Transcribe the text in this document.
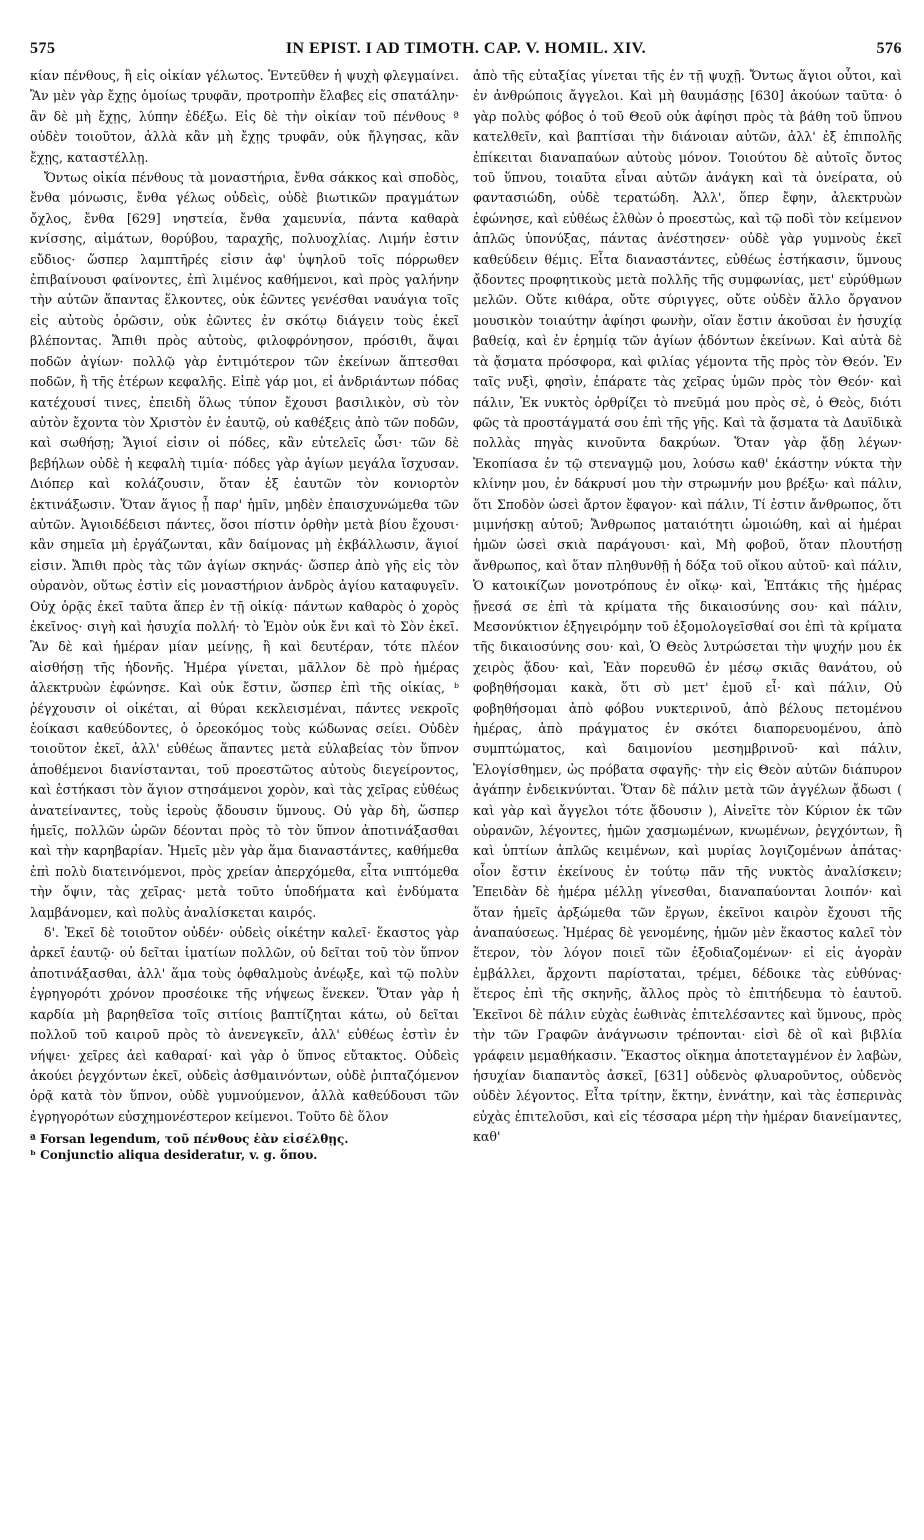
575	IN EPIST. I AD TIMOTH. CAP. V. HOMIL. XIV.	576

κίαν πένθους, ἢ εἰς οἰκίαν γέλωτος. Ἐντεῦθεν ἡ ψυχὴ φλεγμαίνει. Ἂν μὲν γὰρ ἔχῃς ὁμοίως τρυφᾶν, προτροπὴν ἔλαβες εἰς σπατάλην· ἂν δὲ μὴ ἔχῃς, λύπην ἐδέξω. Εἰς δὲ τὴν οἰκίαν τοῦ πένθους ª οὐδὲν τοιοῦτον, ἀλλὰ κἂν μὴ ἔχῃς τρυφᾶν, οὐκ ἤλγησας, κἂν ἔχῃς, καταστέλλῃ.

Ὄντως οἰκία πένθους τὰ μοναστήρια, ἔνθα σάκκος καὶ σποδὸς, ἔνθα μόνωσις, ἔνθα γέλως οὐδεὶς, οὐδὲ βιωτικῶν πραγμάτων ὄχλος, ἔνθα [629] νηστεία, ἔνθα χαμευνία, πάντα καθαρὰ κνίσσης, αἱμάτων, θορύβου, ταραχῆς, πολυοχλίας. Λιμήν ἐστιν εὔδιος· ὥσπερ λαμπτῆρές εἰσιν ἀφ' ὑψηλοῦ τοῖς πόρρωθεν ἐπιβαίνουσι φαίνοντες, ἐπὶ λιμένος καθήμενοι, καὶ πρὸς γαλήνην τὴν αὐτῶν ἅπαντας ἕλκοντες, οὐκ ἐῶντες γενέσθαι ναυάγια τοῖς εἰς αὐτοὺς ὁρῶσιν, οὐκ ἐῶντες ἐν σκότῳ διάγειν τοὺς ἐκεῖ βλέποντας. Ἄπιθι πρὸς αὐτοὺς, φιλοφρόνησον, πρόσιθι, ἅψαι ποδῶν ἁγίων· πολλῷ γὰρ ἐντιμότερον τῶν ἐκείνων ἅπτεσθαι ποδῶν, ἢ τῆς ἑτέρων κεφαλῆς. Εἰπὲ γάρ μοι, εἰ ἀνδριάντων πόδας κατέχουσί τινες, ἐπειδὴ ὅλως τύπον ἔχουσι βασιλικὸν, σὺ τὸν αὐτὸν ἔχοντα τὸν Χριστὸν ἐν ἑαυτῷ, οὐ καθέξεις ἀπὸ τῶν ποδῶν, καὶ σωθήσῃ; Ἅγιοί εἰσιν οἱ πόδες, κἂν εὐτελεῖς ὦσι· τῶν δὲ βεβήλων οὐδὲ ἡ κεφαλὴ τιμία· πόδες γὰρ ἁγίων μεγάλα ἴσχυσαν. Διόπερ καὶ κολάζουσιν, ὅταν ἐξ ἑαυτῶν τὸν κονιορτὸν ἐκτινάξωσιν. Ὅταν ἅγιος ᾖ παρ' ἡμῖν, μηδὲν ἐπαισχυνώμεθα τῶν αὐτῶν. Ἁγιοιδέδεισι πάντες, ὅσοι πίστιν ὀρθὴν μετὰ βίου ἔχουσι· κἂν σημεῖα μὴ ἐργάζωνται, κἂν δαίμονας μὴ ἐκβάλλωσιν, ἅγιοί εἰσιν. Ἄπιθι πρὸς τὰς τῶν ἁγίων σκηνάς· ὥσπερ ἀπὸ γῆς εἰς τὸν οὐρανὸν, οὕτως ἐστὶν εἰς μοναστήριον ἀνδρὸς ἁγίου καταφυγεῖν. Οὐχ ὁρᾷς ἐκεῖ ταῦτα ἅπερ ἐν τῇ οἰκίᾳ· πάντων καθαρὸς ὁ χορὸς ἐκεῖνος· σιγὴ καὶ ἡσυχία πολλή· τὸ Ἐμὸν οὐκ ἔνι καὶ τὸ Σὸν ἐκεῖ. Ἂν δὲ καὶ ἡμέραν μίαν μείνῃς, ἢ καὶ δευτέραν, τότε πλέον αἰσθήσῃ τῆς ἡδονῆς. Ἡμέρα γίνεται, μᾶλλον δὲ πρὸ ἡμέρας ἀλεκτρυὼν ἐφώνησε. Καὶ οὐκ ἔστιν, ὥσπερ ἐπὶ τῆς οἰκίας, ᵇ ῥέγχουσιν οἱ οἰκέται, αἱ θύραι κεκλεισμέναι, πάντες νεκροῖς ἐοίκασι καθεύδοντες, ὁ ὀρεοκόμος τοὺς κώδωνας σείει. Οὐδὲν τοιοῦτον ἐκεῖ, ἀλλ' εὐθέως ἅπαντες μετὰ εὐλαβείας τὸν ὕπνον ἀποθέμενοι διανίστανται, τοῦ προεστῶτος αὐτοὺς διεγείροντος, καὶ ἑστήκασι τὸν ἅγιον στησάμενοι χορὸν, καὶ τὰς χεῖρας εὐθέως ἀνατείναντες, τοὺς ἱεροὺς ᾄδουσιν ὕμνους. Οὐ γὰρ δὴ, ὥσπερ ἡμεῖς, πολλῶν ὡρῶν δέονται πρὸς τὸ τὸν ὕπνον ἀποτινάξασθαι καὶ τὴν καρηβαρίαν. Ἡμεῖς μὲν γὰρ ἅμα διαναστάντες, καθήμεθα ἐπὶ πολὺ διατεινόμενοι, πρὸς χρείαν ἀπερχόμεθα, εἶτα νιπτόμεθα τὴν ὄψιν, τὰς χεῖρας· μετὰ τοῦτο ὑποδήματα καὶ ἐνδύματα λαμβάνομεν, καὶ πολὺς ἀναλίσκεται καιρός.

δ'. Ἐκεῖ δὲ τοιοῦτον οὐδέν· οὐδεὶς οἰκέτην καλεῖ· ἕκαστος γὰρ ἀρκεῖ ἑαυτῷ· οὐ δεῖται ἱματίων πολλῶν, οὐ δεῖται τοῦ τὸν ὕπνον ἀποτινάξασθαι, ἀλλ' ἅμα τοὺς ὀφθαλμοὺς ἀνέῳξε, καὶ τῷ πολὺν ἐγρηγορότι χρόνον προσέοικε τῆς νήψεως ἕνεκεν. Ὅταν γὰρ ἡ καρδία μὴ βαρηθεῖσα τοῖς σιτίοις βαπτίζηται κάτω, οὐ δεῖται πολλοῦ τοῦ καιροῦ πρὸς τὸ ἀνενεγκεῖν, ἀλλ' εὐθέως ἐστὶν ἐν νήψει· χεῖρες ἀεὶ καθαραί· καὶ γὰρ ὁ ὕπνος εὔτακτος. Οὐδεὶς ἀκούει ῥεγχόντων ἐκεῖ, οὐδεὶς ἀσθμαινόντων, οὐδὲ ῥιπταζόμενον ὁρᾷ κατὰ τὸν ὕπνον, οὐδὲ γυμνούμενον, ἀλλὰ καθεύδουσι τῶν ἐγρηγορότων εὐσχημονέστερον κείμενοι. Τοῦτο δὲ ὅλον

ª Forsan legendum, τοῦ πένθους ἐὰν εἰσέλθῃς.
ᵇ Conjunctio aliqua desideratur, v. g. ὅπου.

ἀπὸ τῆς εὐταξίας γίνεται τῆς ἐν τῇ ψυχῇ. Ὄντως ἅγιοι οὗτοι, καὶ ἐν ἀνθρώποις ἄγγελοι. Καὶ μὴ θαυμάσῃς [630] ἀκούων ταῦτα· ὁ γὰρ πολὺς φόβος ὁ τοῦ Θεοῦ οὐκ ἀφίησι πρὸς τὰ βάθη τοῦ ὕπνου κατελθεῖν, καὶ βαπτίσαι τὴν διάνοιαν αὐτῶν, ἀλλ' ἐξ ἐπιπολῆς ἐπίκειται διαναπαύων αὐτοὺς μόνον. Τοιούτου δὲ αὐτοῖς ὄντος τοῦ ὕπνου, τοιαῦτα εἶναι αὐτῶν ἀνάγκη καὶ τὰ ὀνείρατα, οὐ φαντασιώδη, οὐδὲ τερατώδη. Ἀλλ', ὅπερ ἔφην, ἀλεκτρυὼν ἐφώνησε, καὶ εὐθέως ἐλθὼν ὁ προεστὼς, καὶ τῷ ποδὶ τὸν κείμενον ἁπλῶς ὑπονύξας, πάντας ἀνέστησεν· οὐδὲ γὰρ γυμνοὺς ἐκεῖ καθεύδειν θέμις. Εἶτα διαναστάντες, εὐθέως ἑστήκασιν, ὕμνους ᾄδοντες προφητικοὺς μετὰ πολλῆς τῆς συμφωνίας, μετ' εὐρύθμων μελῶν. Οὔτε κιθάρα, οὔτε σύριγγες, οὔτε οὐδὲν ἄλλο ὄργανον μουσικὸν τοιαύτην ἀφίησι φωνὴν, οἵαν ἔστιν ἀκοῦσαι ἐν ἡσυχίᾳ βαθείᾳ, καὶ ἐν ἐρημίᾳ τῶν ἁγίων ᾀδόντων ἐκείνων. Καὶ αὐτὰ δὲ τὰ ᾄσματα πρόσφορα, καὶ φιλίας γέμοντα τῆς πρὸς τὸν Θεόν. Ἐν ταῖς νυξὶ, φησὶν, ἐπάρατε τὰς χεῖρας ὑμῶν πρὸς τὸν Θεόν· καὶ πάλιν, Ἐκ νυκτὸς ὀρθρίζει τὸ πνεῦμά μου πρὸς σὲ, ὁ Θεὸς, διότι φῶς τὰ προστάγματά σου ἐπὶ τῆς γῆς. Καὶ τὰ ᾄσματα τὰ Δαυϊδικὰ πολλὰς πηγὰς κινοῦντα δακρύων. Ὅταν γὰρ ᾄδῃ λέγων· Ἐκοπίασα ἐν τῷ στεναγμῷ μου, λούσω καθ' ἑκάστην νύκτα τὴν κλίνην μου, ἐν δάκρυσί μου τὴν στρωμνήν μου βρέξω· καὶ πάλιν, ὅτι Σποδὸν ὡσεὶ ἄρτον ἔφαγον· καὶ πάλιν, Τί ἐστιν ἄνθρωπος, ὅτι μιμνήσκῃ αὐτοῦ; Ἄνθρωπος ματαιότητι ὡμοιώθη, καὶ αἱ ἡμέραι ἡμῶν ὡσεὶ σκιὰ παράγουσι· καὶ, Μὴ φοβοῦ, ὅταν πλουτήσῃ ἄνθρωπος, καὶ ὅταν πληθυνθῇ ἡ δόξα τοῦ οἴκου αὐτοῦ· καὶ πάλιν, Ὁ κατοικίζων μονοτρόπους ἐν οἴκῳ· καὶ, Ἑπτάκις τῆς ἡμέρας ᾔνεσά σε ἐπὶ τὰ κρίματα τῆς δικαιοσύνης σου· καὶ πάλιν, Μεσονύκτιον ἐξηγειρόμην τοῦ ἐξομολογεῖσθαί σοι ἐπὶ τὰ κρίματα τῆς δικαιοσύνης σου· καὶ, Ὁ Θεὸς λυτρώσεται τὴν ψυχήν μου ἐκ χειρὸς ᾅδου· καὶ, Ἐὰν πορευθῶ ἐν μέσῳ σκιᾶς θανάτου, οὐ φοβηθήσομαι κακὰ, ὅτι σὺ μετ' ἐμοῦ εἶ· καὶ πάλιν, Οὐ φοβηθήσομαι ἀπὸ φόβου νυκτερινοῦ, ἀπὸ βέλους πετομένου ἡμέρας, ἀπὸ πράγματος ἐν σκότει διαπορευομένου, ἀπὸ συμπτώματος, καὶ δαιμονίου μεσημβρινοῦ· καὶ πάλιν, Ἐλογίσθημεν, ὡς πρόβατα σφαγῆς· τὴν εἰς Θεὸν αὐτῶν διάπυρον ἀγάπην ἐνδεικνύνται. Ὅταν δὲ πάλιν μετὰ τῶν ἀγγέλων ᾄδωσι ( καὶ γὰρ καὶ ἄγγελοι τότε ᾄδουσιν ), Αἰνεῖτε τὸν Κύριον ἐκ τῶν οὐρανῶν, λέγοντες, ἡμῶν χασμωμένων, κνωμένων, ῥεγχόντων, ἢ καὶ ὑπτίων ἁπλῶς κειμένων, καὶ μυρίας λογιζομένων ἀπάτας· οἷον ἔστιν ἐκείνους ἐν τούτῳ πᾶν τῆς νυκτὸς ἀναλίσκειν; Ἐπειδὰν δὲ ἡμέρα μέλλῃ γίνεσθαι, διαναπαύονται λοιπόν· καὶ ὅταν ἡμεῖς ἀρξώμεθα τῶν ἔργων, ἐκεῖνοι καιρὸν ἔχουσι τῆς ἀναπαύσεως. Ἡμέρας δὲ γενομένης, ἡμῶν μὲν ἕκαστος καλεῖ τὸν ἕτερον, τὸν λόγον ποιεῖ τῶν ἐξοδιαζομένων· εἰ εἰς ἀγορὰν ἐμβάλλει, ἄρχοντι παρίσταται, τρέμει, δέδοικε τὰς εὐθύνας· ἕτερος ἐπὶ τῆς σκηνῆς, ἄλλος πρὸς τὸ ἐπιτήδευμα τὸ ἑαυτοῦ. Ἐκεῖνοι δὲ πάλιν εὐχὰς ἑωθινὰς ἐπιτελέσαντες καὶ ὕμνους, πρὸς τὴν τῶν Γραφῶν ἀνάγνωσιν τρέπονται· εἰσὶ δὲ οἳ καὶ βιβλία γράφειν μεμαθήκασιν. Ἕκαστος οἴκημα ἀποτεταγμένον ἐν λαβὼν, ἡσυχίαν διαπαντὸς ἀσκεῖ, [631] οὐδενὸς φλυαροῦντος, οὐδενὸς οὐδὲν λέγοντος. Εἶτα τρίτην, ἕκτην, ἐννάτην, καὶ τὰς ἑσπερινὰς εὐχὰς ἐπιτελοῦσι, καὶ εἰς τέσσαρα μέρη τὴν ἡμέραν διανείμαντες, καθ'
